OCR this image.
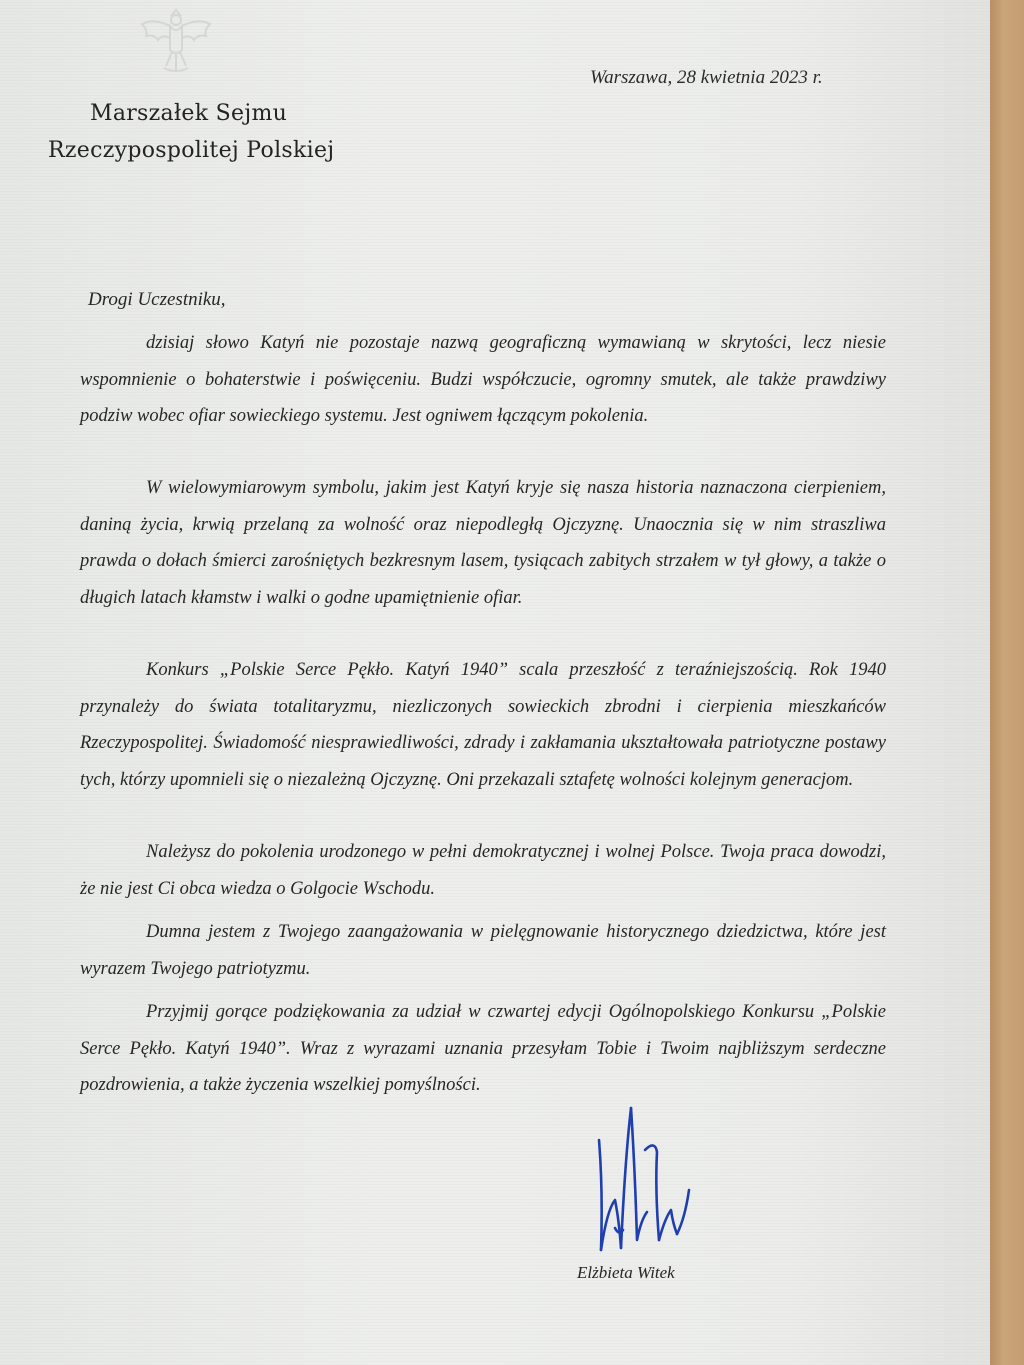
Marszałek Sejmu

Rzeczypospolitej Polskiej

Warszawa, 28 kwietnia 2023 r.

Drogi Uczestniku,

dzisiaj słowo Katyń nie pozostaje nazwą geograficzną wymawianą w skrytości, lecz niesie wspomnienie o bohaterstwie i poświęceniu. Budzi współczucie, ogromny smutek, ale także prawdziwy podziw wobec ofiar sowieckiego systemu. Jest ogniwem łączącym pokolenia.

W wielowymiarowym symbolu, jakim jest Katyń kryje się nasza historia naznaczona cierpieniem, daniną życia, krwią przelaną za wolność oraz niepodległą Ojczyznę. Unaocznia się w nim straszliwa prawda o dołach śmierci zarośniętych bezkresnym lasem, tysiącach zabitych strzałem w tył głowy, a także o długich latach kłamstw i walki o godne upamiętnienie ofiar.

Konkurs „Polskie Serce Pękło. Katyń 1940” scala przeszłość z teraźniejszością. Rok 1940 przynależy do świata totalitaryzmu, niezliczonych sowieckich zbrodni i cierpienia mieszkańców Rzeczypospolitej. Świadomość niesprawiedliwości, zdrady i zakłamania ukształtowała patriotyczne postawy tych, którzy upomnieli się o niezależną Ojczyznę. Oni przekazali sztafetę wolności kolejnym generacjom.

Należysz do pokolenia urodzonego w pełni demokratycznej i wolnej Polsce. Twoja praca dowodzi, że nie jest Ci obca wiedza o Golgocie Wschodu.

Dumna jestem z Twojego zaangażowania w pielęgnowanie historycznego dziedzictwa, które jest wyrazem Twojego patriotyzmu.

Przyjmij gorące podziękowania za udział w czwartej edycji Ogólnopolskiego Konkursu „Polskie Serce Pękło. Katyń 1940”. Wraz z wyrazami uznania przesyłam Tobie i Twoim najbliższym serdeczne pozdrowienia, a także życzenia wszelkiej pomyślności.

Elżbieta Witek
